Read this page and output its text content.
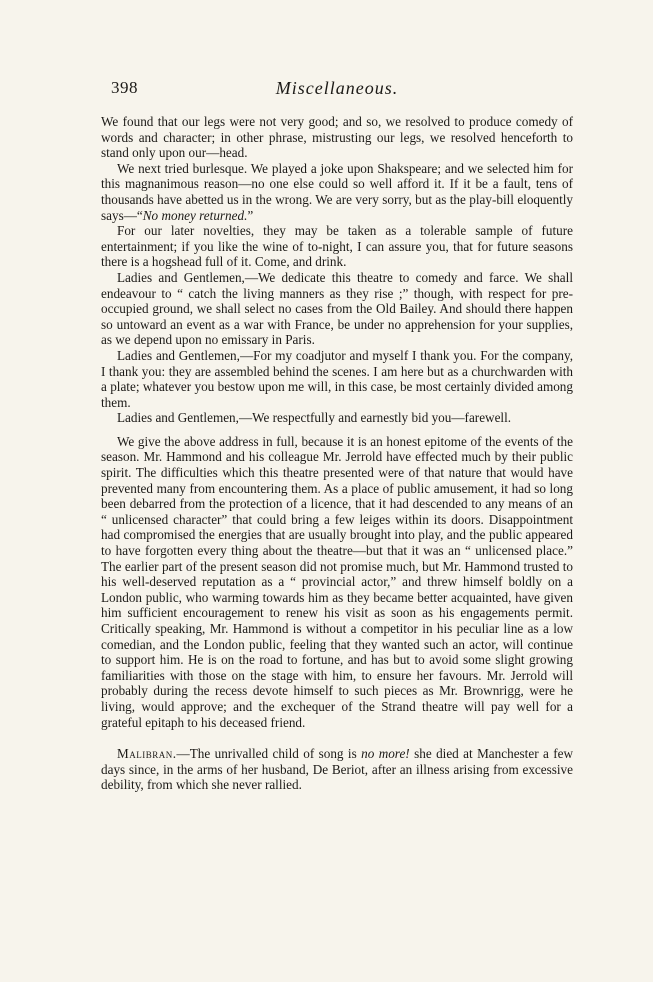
398	Miscellaneous.

We found that our legs were not very good; and so, we resolved to produce comedy of words and character; in other phrase, mistrusting our legs, we resolved henceforth to stand only upon our—head.

We next tried burlesque. We played a joke upon Shakspeare; and we selected him for this magnanimous reason—no one else could so well afford it. If it be a fault, tens of thousands have abetted us in the wrong. We are very sorry, but as the play-bill eloquently says—“No money returned.”

For our later novelties, they may be taken as a tolerable sample of future entertainment; if you like the wine of to-night, I can assure you, that for future seasons there is a hogshead full of it. Come, and drink.

Ladies and Gentlemen,—We dedicate this theatre to comedy and farce. We shall endeavour to “ catch the living manners as they rise ;” though, with respect for pre-occupied ground, we shall select no cases from the Old Bailey. And should there happen so untoward an event as a war with France, be under no apprehension for your supplies, as we depend upon no emissary in Paris.

Ladies and Gentlemen,—For my coadjutor and myself I thank you. For the company, I thank you: they are assembled behind the scenes. I am here but as a churchwarden with a plate; whatever you bestow upon me will, in this case, be most certainly divided among them.

Ladies and Gentlemen,—We respectfully and earnestly bid you—farewell.

We give the above address in full, because it is an honest epitome of the events of the season. Mr. Hammond and his colleague Mr. Jerrold have effected much by their public spirit. The difficulties which this theatre presented were of that nature that would have prevented many from encountering them. As a place of public amusement, it had so long been debarred from the protection of a licence, that it had descended to any means of an “ unlicensed character” that could bring a few leiges within its doors. Disappointment had compromised the energies that are usually brought into play, and the public appeared to have forgotten every thing about the theatre—but that it was an “ unlicensed place.” The earlier part of the present season did not promise much, but Mr. Hammond trusted to his well-deserved reputation as a “ provincial actor,” and threw himself boldly on a London public, who warming towards him as they became better acquainted, have given him sufficient encouragement to renew his visit as soon as his engagements permit. Critically speaking, Mr. Hammond is without a competitor in his peculiar line as a low comedian, and the London public, feeling that they wanted such an actor, will continue to support him. He is on the road to fortune, and has but to avoid some slight growing familiarities with those on the stage with him, to ensure her favours. Mr. Jerrold will probably during the recess devote himself to such pieces as Mr. Brownrigg, were he living, would approve; and the exchequer of the Strand theatre will pay well for a grateful epitaph to his deceased friend.

Malibran.—The unrivalled child of song is no more! she died at Manchester a few days since, in the arms of her husband, De Beriot, after an illness arising from excessive debility, from which she never rallied.
